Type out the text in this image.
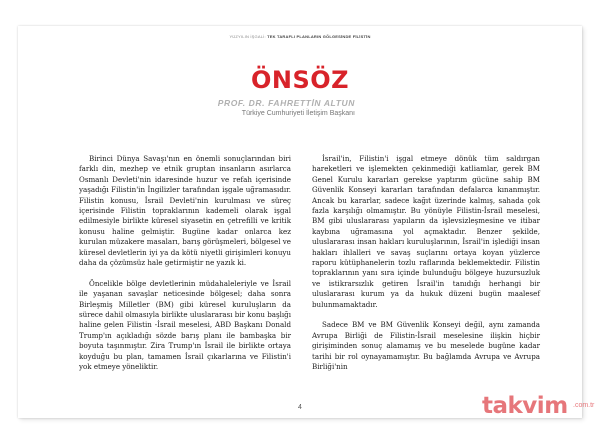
YÜZYILIN İŞGALİ: TEK TARAFLI PLANLARIN GÖLGESİNDE FİLİSTİN
ÖNSÖZ
PROF. DR. FAHRETTİN ALTUN
Türkiye Cumhuriyeti İletişim Başkanı

Birinci Dünya Savaşı'nın en önemli sonuçlarından biri farklı din, mezhep ve etnik gruptan insanların asırlarca Osmanlı Devleti'nin idaresinde huzur ve refah içerisinde yaşadığı Filistin'in İngilizler tarafından işgale uğramasıdır. Filistin konusu, İsrail Devleti'nin kurulması ve süreç içerisinde Filistin topraklarının kademeli olarak işgal edilmesiyle birlikte küresel siyasetin en çetrefilli ve kritik konusu haline gelmiştir. Bugüne kadar onlarca kez kurulan müzakere masaları, barış görüşmeleri, bölgesel ve küresel devletlerin iyi ya da kötü niyetli girişimleri konuyu daha da çözümsüz hale getirmiştir ne yazık ki.

Öncelikle bölge devletlerinin müdahaleleriyle ve İsrail ile yaşanan savaşlar neticesinde bölgesel; daha sonra Birleşmiş Milletler (BM) gibi küresel kuruluşların da sürece dahil olmasıyla birlikte uluslararası bir konu başlığı haline gelen Filistin -İsrail meselesi, ABD Başkanı Donald Trump'ın açıkladığı sözde barış planı ile bambaşka bir boyuta taşınmıştır. Zira Trump'ın İsrail ile birlikte ortaya koyduğu bu plan, tamamen İsrail çıkarlarına ve Filistin'i yok etmeye yöneliktir.

İsrail'in, Filistin'i işgal etmeye dönük tüm saldırgan hareketleri ve işlemekten çekinmediği katliamlar, gerek BM Genel Kurulu kararları gerekse yaptırım gücüne sahip BM Güvenlik Konseyi kararları tarafından defalarca kınanmıştır. Ancak bu kararlar, sadece kağıt üzerinde kalmış, sahada çok fazla karşılığı olmamıştır. Bu yönüyle Filistin-İsrail meselesi, BM gibi uluslararası yapıların da işlevsizleşmesine ve itibar kaybına uğramasına yol açmaktadır. Benzer şekilde, uluslararası insan hakları kuruluşlarının, İsrail'in işlediği insan hakları ihlalleri ve savaş suçlarını ortaya koyan yüzlerce raporu kütüphanelerin tozlu raflarında beklemektedir. Filistin topraklarının yanı sıra içinde bulunduğu bölgeye huzursuzluk ve istikrarsızlık getiren İsrail'in tanıdığı herhangi bir uluslararası kurum ya da hukuk düzeni bugün maalesef bulunmamaktadır.

Sadece BM ve BM Güvenlik Konseyi değil, aynı zamanda Avrupa Birliği de Filistin-İsrail meselesine ilişkin hiçbir girişiminden sonuç alamamış ve bu meselede bugüne kadar tarihi bir rol oynayamamıştır. Bu bağlamda Avrupa ve Avrupa Birliği'nin

4	takvim .com.tr
